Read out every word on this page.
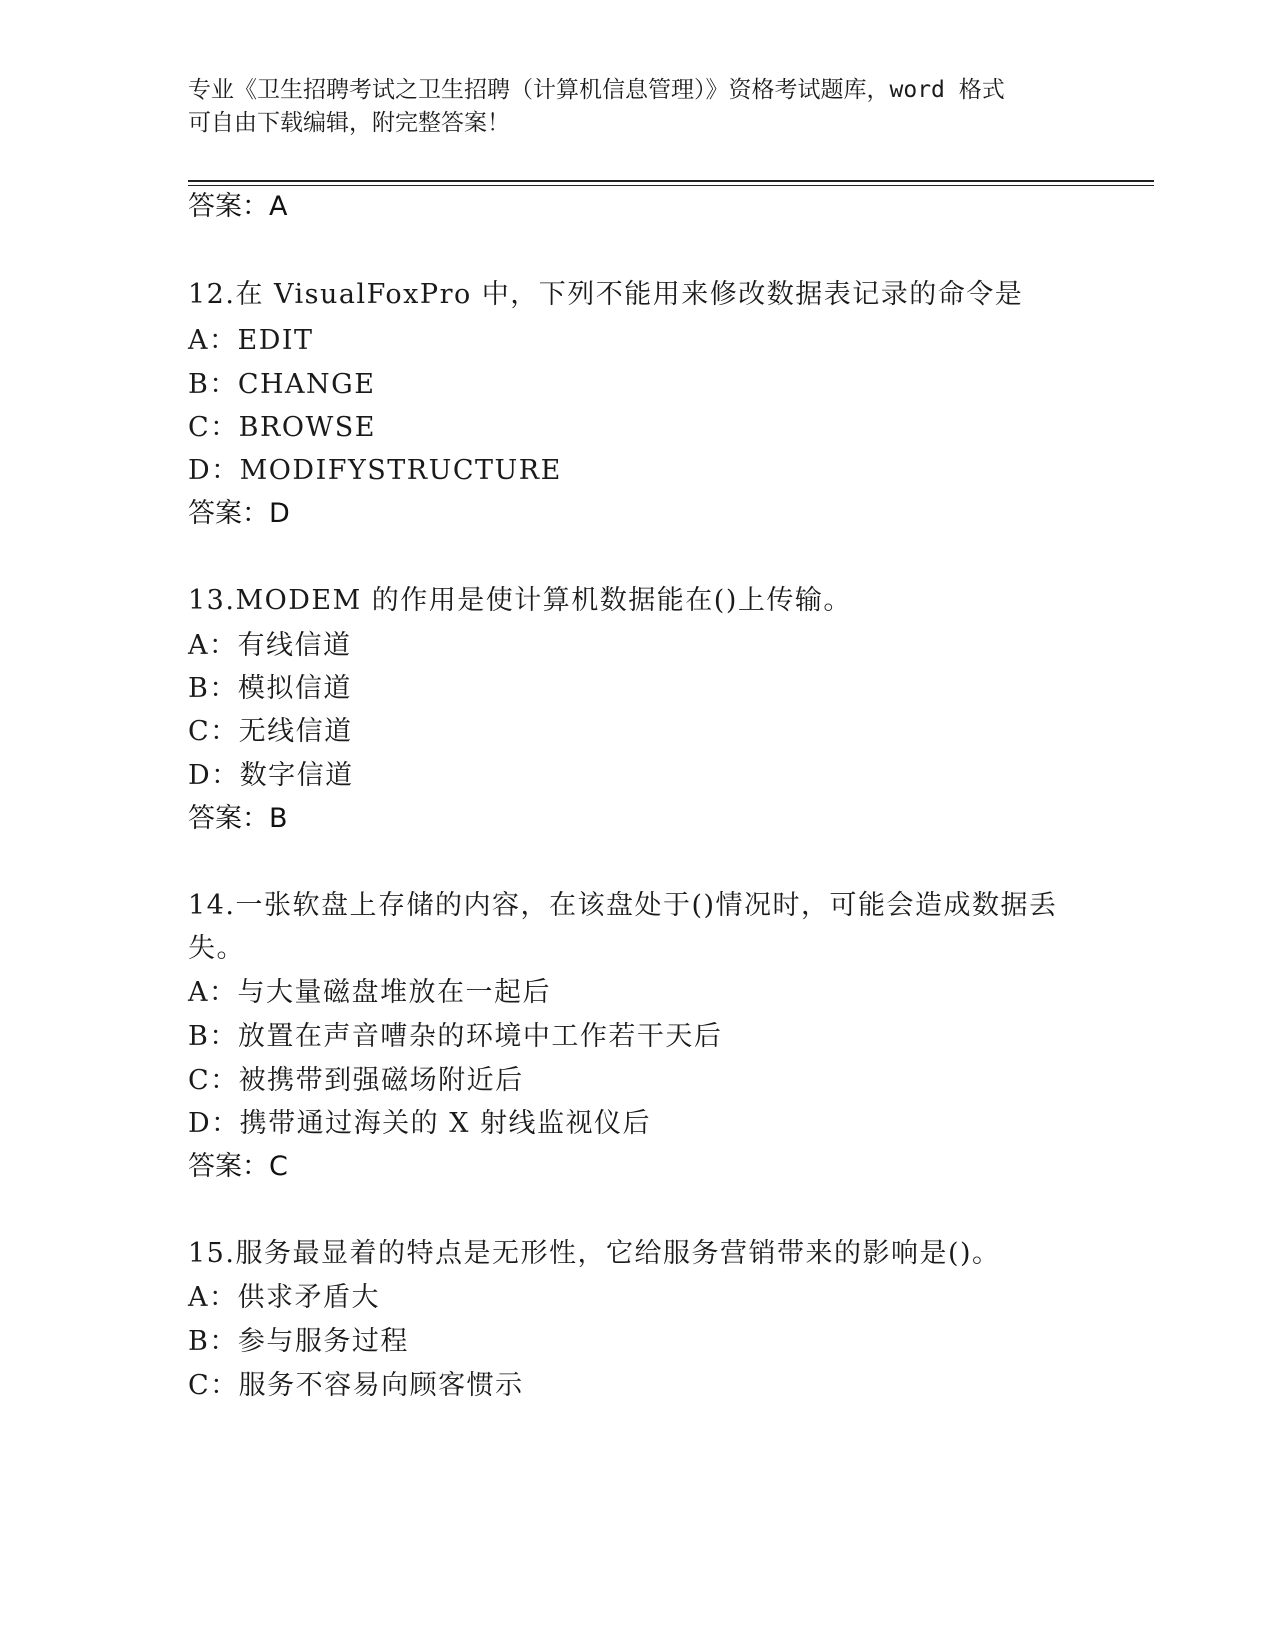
专业《卫生招聘考试之卫生招聘（计算机信息管理）》资格考试题库，word 格式
可自由下载编辑，附完整答案！
答案：A
12.在 VisualFoxPro 中，下列不能用来修改数据表记录的命令是
A：EDIT
B：CHANGE
C：BROWSE
D：MODIFYSTRUCTURE
答案：D
13.MODEM 的作用是使计算机数据能在()上传输。
A：有线信道
B：模拟信道
C：无线信道
D：数字信道
答案：B
14.一张软盘上存储的内容，在该盘处于()情况时，可能会造成数据丢
失。
A：与大量磁盘堆放在一起后
B：放置在声音嘈杂的环境中工作若干天后
C：被携带到强磁场附近后
D：携带通过海关的 X 射线监视仪后
答案：C
15.服务最显着的特点是无形性，它给服务营销带来的影响是()。
A：供求矛盾大
B：参与服务过程
C：服务不容易向顾客惯示
